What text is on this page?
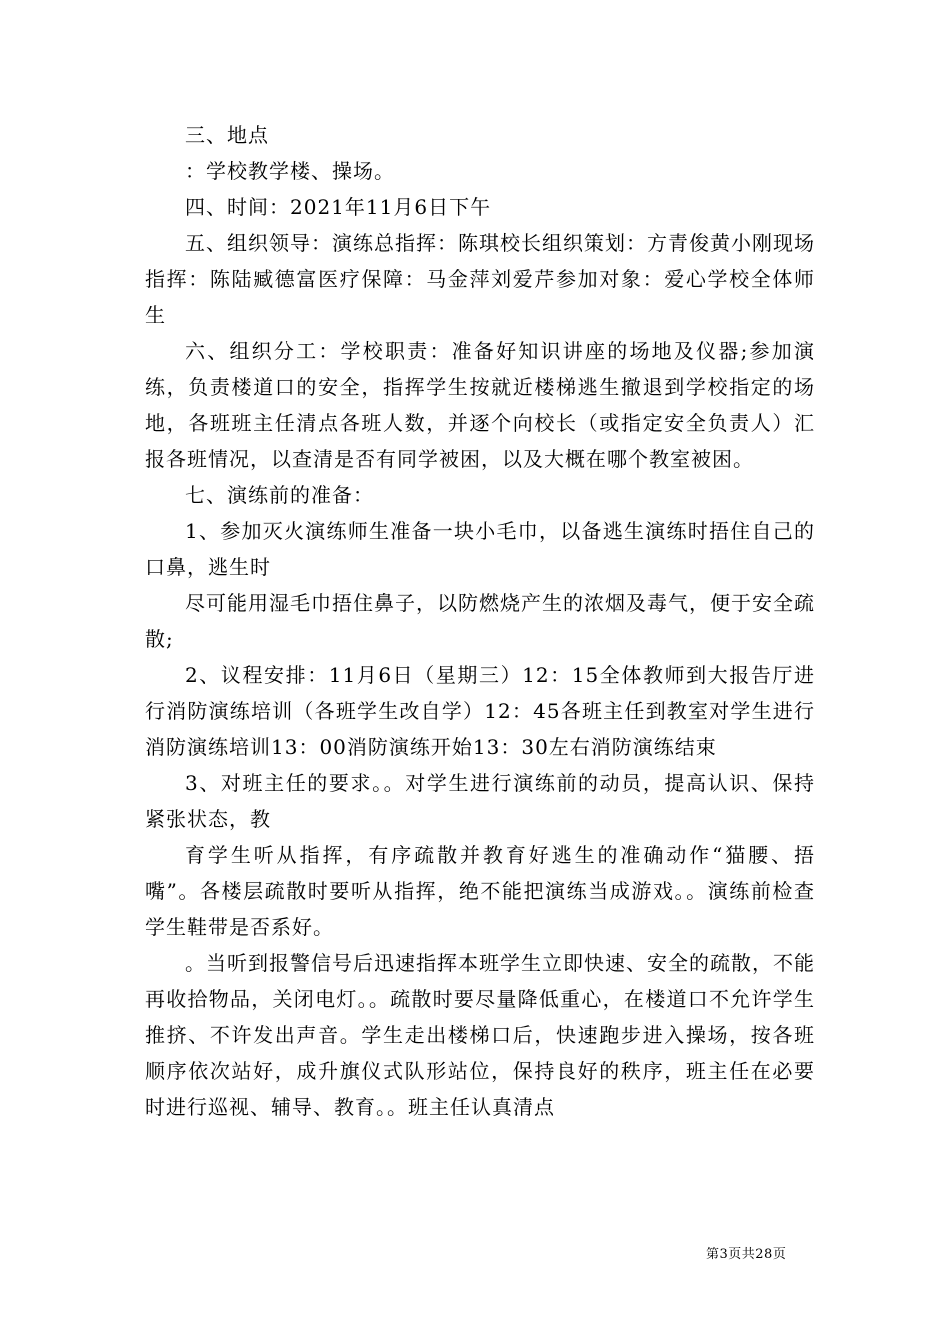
三、地点

：学校教学楼、操场。

四、时间：2021年11月6日下午

五、组织领导：演练总指挥：陈琪校长组织策划：方青俊黄小刚现场指挥：陈陆臧德富医疗保障：马金萍刘爱芹参加对象：爱心学校全体师生

六、组织分工：学校职责：准备好知识讲座的场地及仪器;参加演练，负责楼道口的安全，指挥学生按就近楼梯逃生撤退到学校指定的场地，各班班主任清点各班人数，并逐个向校长（或指定安全负责人）汇报各班情况，以查清是否有同学被困，以及大概在哪个教室被困。

七、演练前的准备：

1、参加灭火演练师生准备一块小毛巾，以备逃生演练时捂住自己的口鼻，逃生时

尽可能用湿毛巾捂住鼻子，以防燃烧产生的浓烟及毒气，便于安全疏散;

2、议程安排：11月6日（星期三）12：15全体教师到大报告厅进行消防演练培训（各班学生改自学）12：45各班主任到教室对学生进行消防演练培训13：00消防演练开始13：30左右消防演练结束

3、对班主任的要求。。对学生进行演练前的动员，提高认识、保持紧张状态，教

育学生听从指挥，有序疏散并教育好逃生的准确动作“猫腰、捂嘴”。各楼层疏散时要听从指挥，绝不能把演练当成游戏。。演练前检查学生鞋带是否系好。

。当听到报警信号后迅速指挥本班学生立即快速、安全的疏散，不能再收拾物品，关闭电灯。。疏散时要尽量降低重心，在楼道口不允许学生推挤、不许发出声音。学生走出楼梯口后，快速跑步进入操场，按各班顺序依次站好，成升旗仪式队形站位，保持良好的秩序，班主任在必要时进行巡视、辅导、教育。。班主任认真清点

第3页共28页
